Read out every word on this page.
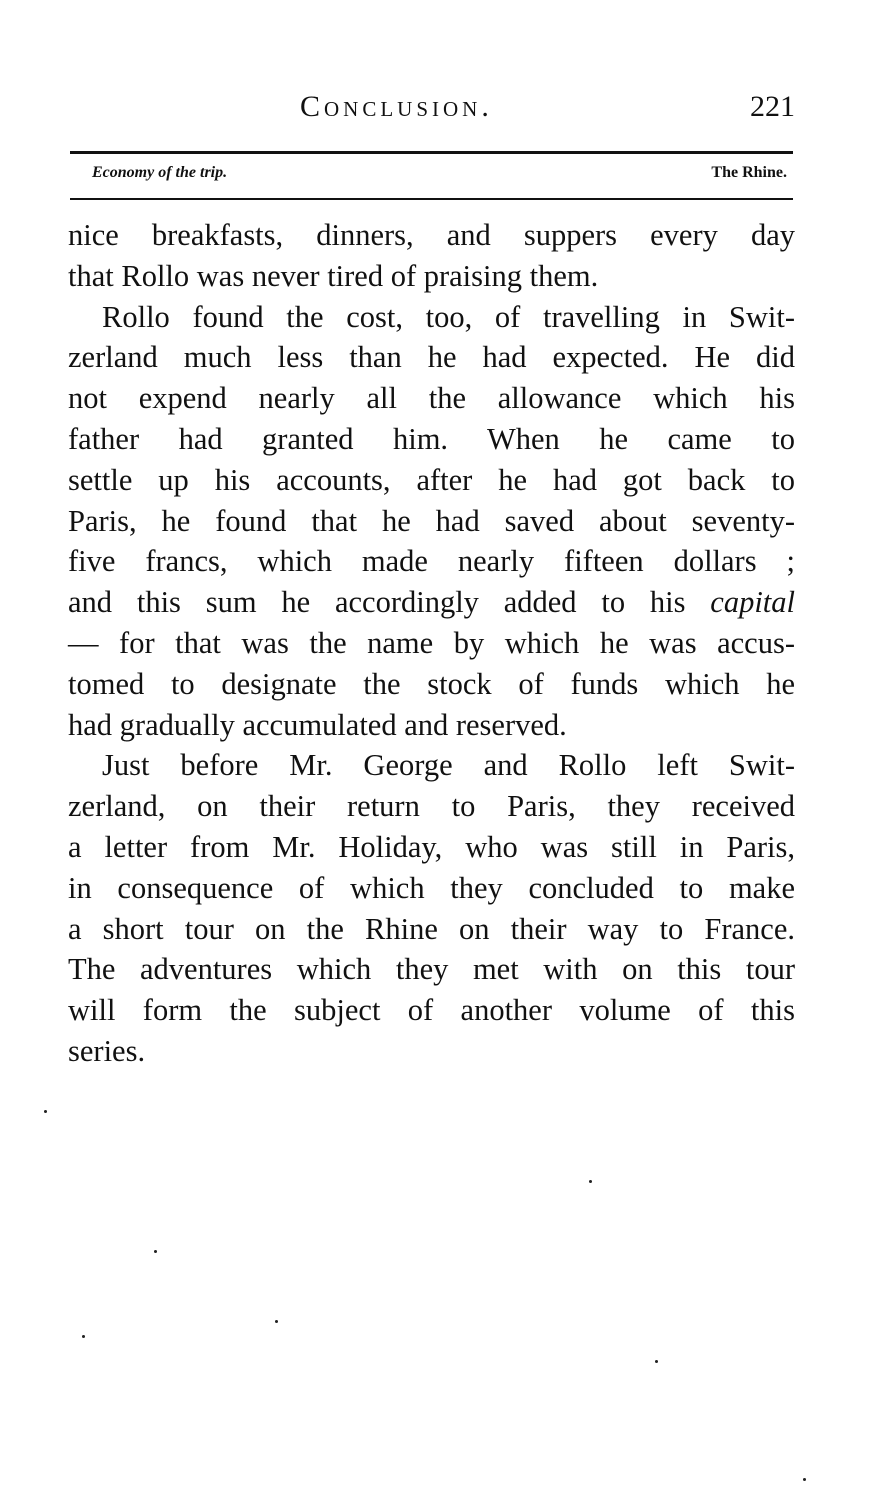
Conclusion.	221
Economy of the trip.	The Rhine.
nice breakfasts, dinners, and suppers every day
that Rollo was never tired of praising them.
Rollo found the cost, too, of travelling in Swit-
zerland much less than he had expected. He did
not expend nearly all the allowance which his
father had granted him. When he came to
settle up his accounts, after he had got back to
Paris, he found that he had saved about seventy-
five francs, which made nearly fifteen dollars ;
and this sum he accordingly added to his capital
— for that was the name by which he was accus-
tomed to designate the stock of funds which he
had gradually accumulated and reserved.
Just before Mr. George and Rollo left Swit-
zerland, on their return to Paris, they received
a letter from Mr. Holiday, who was still in Paris,
in consequence of which they concluded to make
a short tour on the Rhine on their way to France.
The adventures which they met with on this tour
will form the subject of another volume of this
series.
